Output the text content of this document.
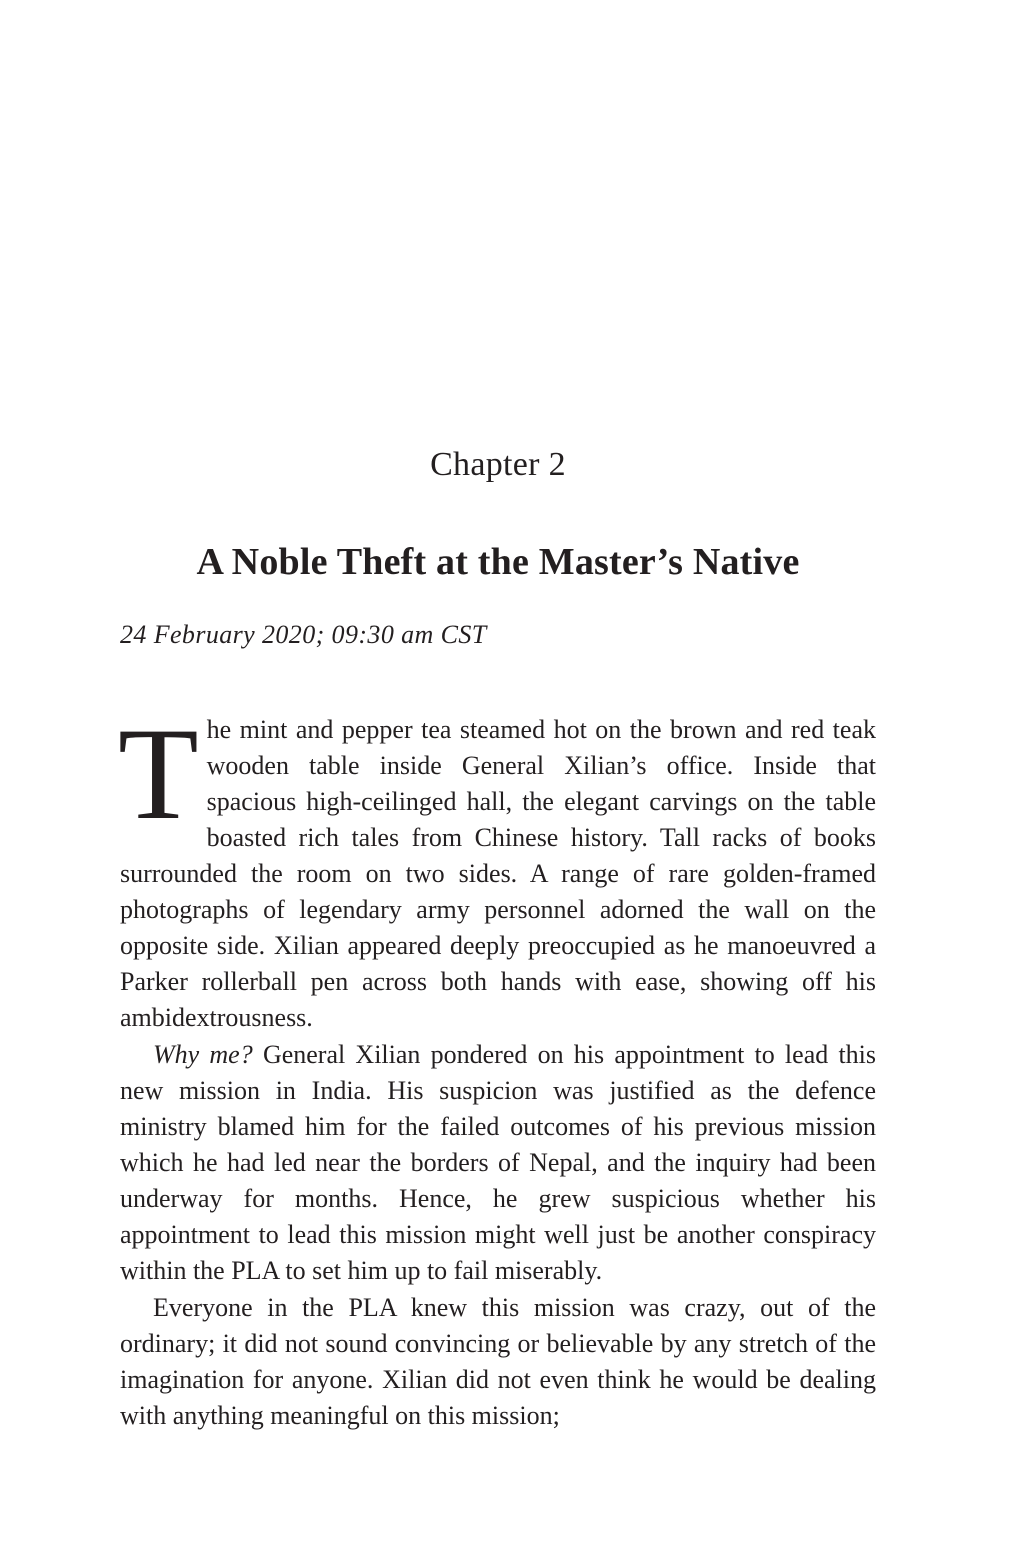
Chapter 2
A Noble Theft at the Master’s Native

24 February 2020; 09:30 am CST

The mint and pepper tea steamed hot on the brown and red teak wooden table inside General Xilian’s office. Inside that spacious high-ceilinged hall, the elegant carvings on the table boasted rich tales from Chinese history. Tall racks of books surrounded the room on two sides. A range of rare golden-framed photographs of legendary army personnel adorned the wall on the opposite side. Xilian appeared deeply preoccupied as he manoeuvred a Parker rollerball pen across both hands with ease, showing off his ambidextrousness.

Why me? General Xilian pondered on his appointment to lead this new mission in India. His suspicion was justified as the defence ministry blamed him for the failed outcomes of his previous mission which he had led near the borders of Nepal, and the inquiry had been underway for months. Hence, he grew suspicious whether his appointment to lead this mission might well just be another conspiracy within the PLA to set him up to fail miserably.

Everyone in the PLA knew this mission was crazy, out of the ordinary; it did not sound convincing or believable by any stretch of the imagination for anyone. Xilian did not even think he would be dealing with anything meaningful on this mission;
